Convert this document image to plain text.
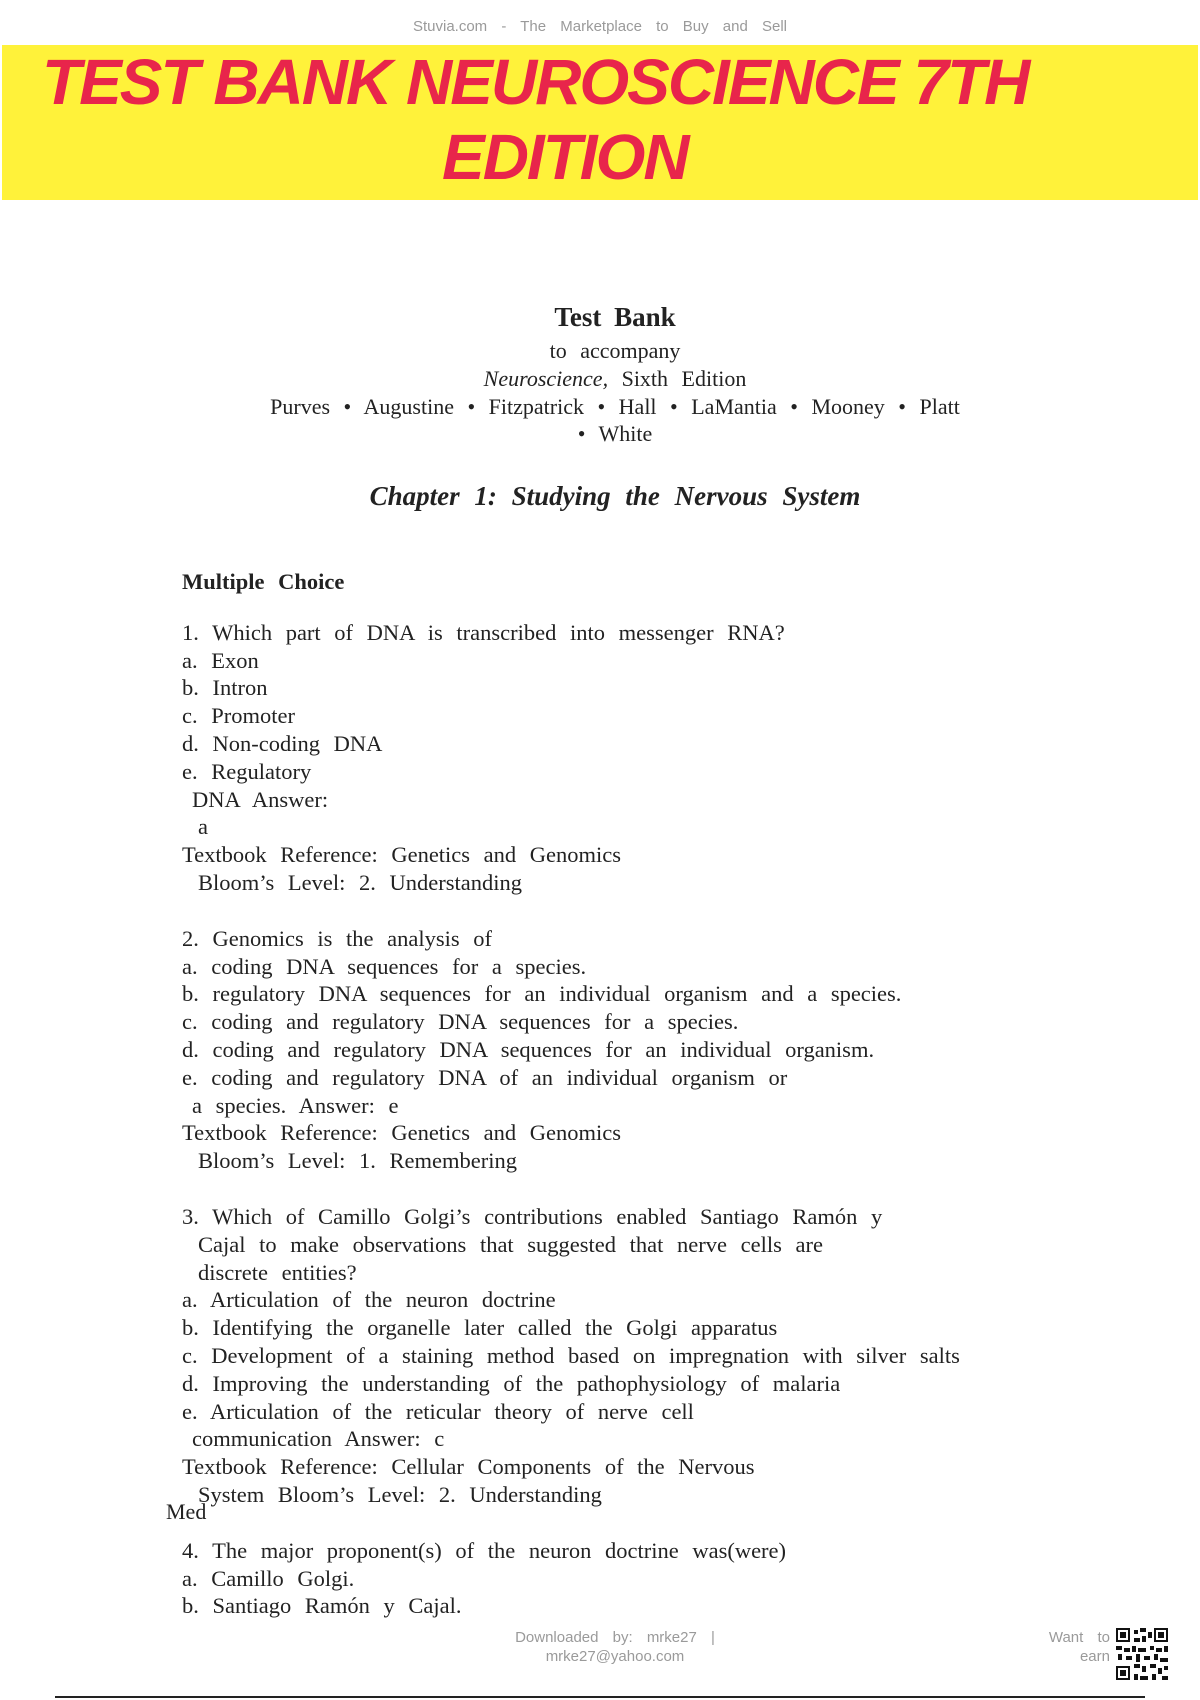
Stuvia.com - The Marketplace to Buy and Sell
TEST BANK NEUROSCIENCE 7TH
EDITION
Test Bank
to accompany
Neuroscience, Sixth Edition
Purves • Augustine • Fitzpatrick • Hall • LaMantia • Mooney • Platt
• White
Chapter 1: Studying the Nervous System
Multiple Choice
1. Which part of DNA is transcribed into messenger RNA?
a. Exon
b. Intron
c. Promoter
d. Non-coding DNA
e. Regulatory
DNA Answer:
a
Textbook Reference: Genetics and Genomics
Bloom’s Level: 2. Understanding
2. Genomics is the analysis of
a. coding DNA sequences for a species.
b. regulatory DNA sequences for an individual organism and a species.
c. coding and regulatory DNA sequences for a species.
d. coding and regulatory DNA sequences for an individual organism.
e. coding and regulatory DNA of an individual organism or
a species. Answer: e
Textbook Reference: Genetics and Genomics
Bloom’s Level: 1. Remembering
3. Which of Camillo Golgi’s contributions enabled Santiago Ramón y
Cajal to make observations that suggested that nerve cells are
discrete entities?
a. Articulation of the neuron doctrine
b. Identifying the organelle later called the Golgi apparatus
c. Development of a staining method based on impregnation with silver salts
d. Improving the understanding of the pathophysiology of malaria
e. Articulation of the reticular theory of nerve cell
communication Answer: c
Textbook Reference: Cellular Components of the Nervous
System Bloom’s Level: 2. Understanding
4. The major proponent(s) of the neuron doctrine was(were)
a. Camillo Golgi.
b. Santiago Ramón y Cajal.
Med
Downloaded by: mrke27 |
mrke27@yahoo.com
Want to
earn
